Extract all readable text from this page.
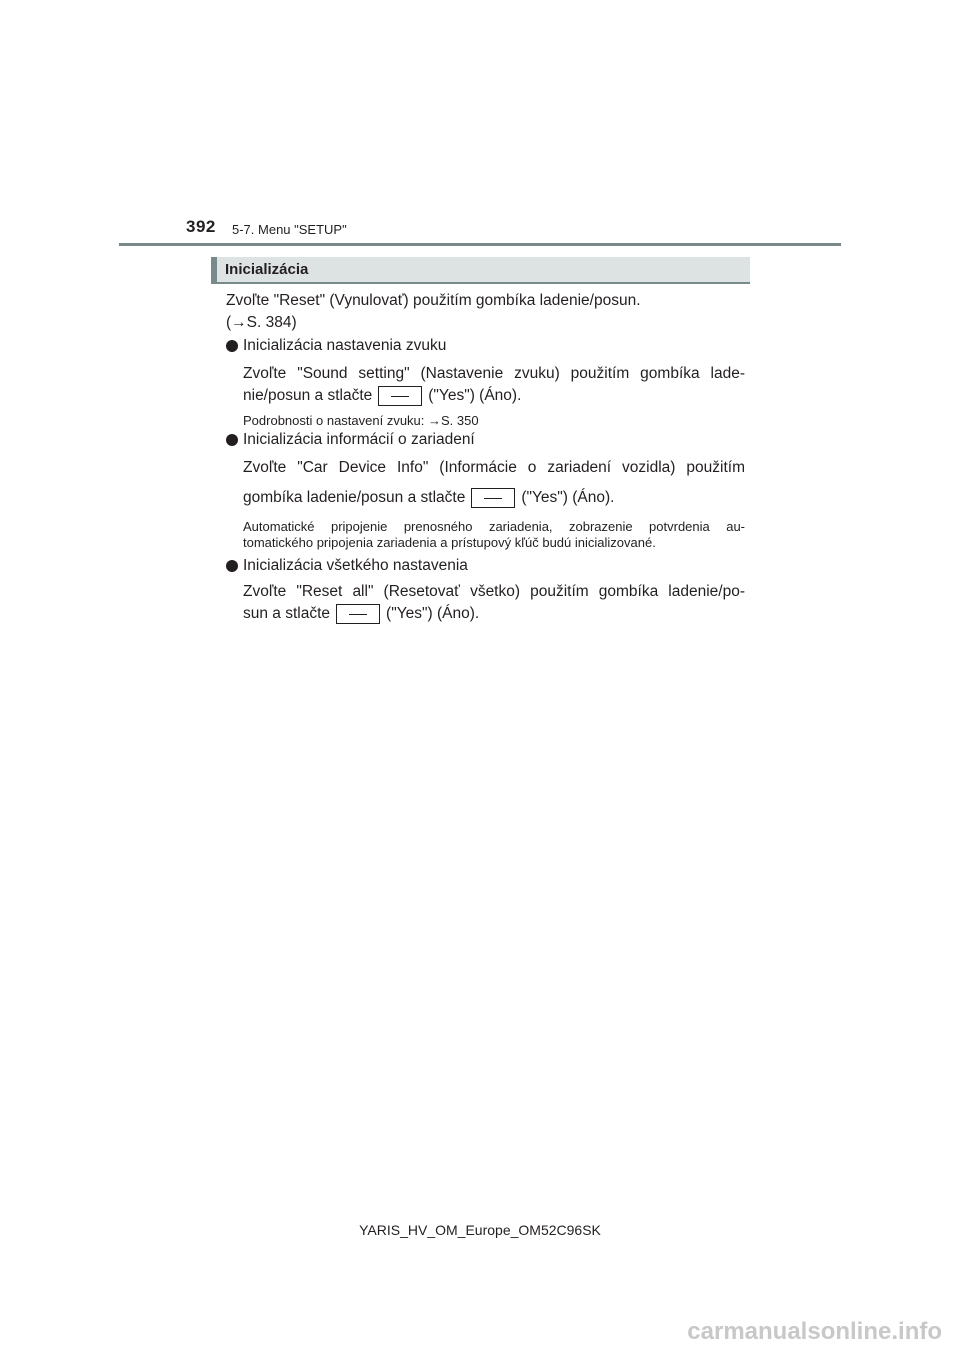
392 5-7. Menu "SETUP"
Inicializácia
Zvoľte "Reset" (Vynulovať) použitím gombíka ladenie/posun.
(→S. 384)
Inicializácia nastavenia zvuku
Zvoľte "Sound setting" (Nastavenie zvuku) použitím gombíka lade-
nie/posun a stlačte	("Yes") (Áno).
Podrobnosti o nastavení zvuku: →S. 350
Inicializácia informácií o zariadení
Zvoľte "Car Device Info" (Informácie o zariadení vozidla) použitím
gombíka ladenie/posun a stlačte	("Yes") (Áno).
Automatické pripojenie prenosného zariadenia, zobrazenie potvrdenia au-
tomatického pripojenia zariadenia a prístupový kľúč budú inicializované.
Inicializácia všetkého nastavenia
Zvoľte "Reset all" (Resetovať všetko) použitím gombíka ladenie/po-
sun a stlačte	("Yes") (Áno).
YARIS_HV_OM_Europe_OM52C96SK
carmanualsonline.info
